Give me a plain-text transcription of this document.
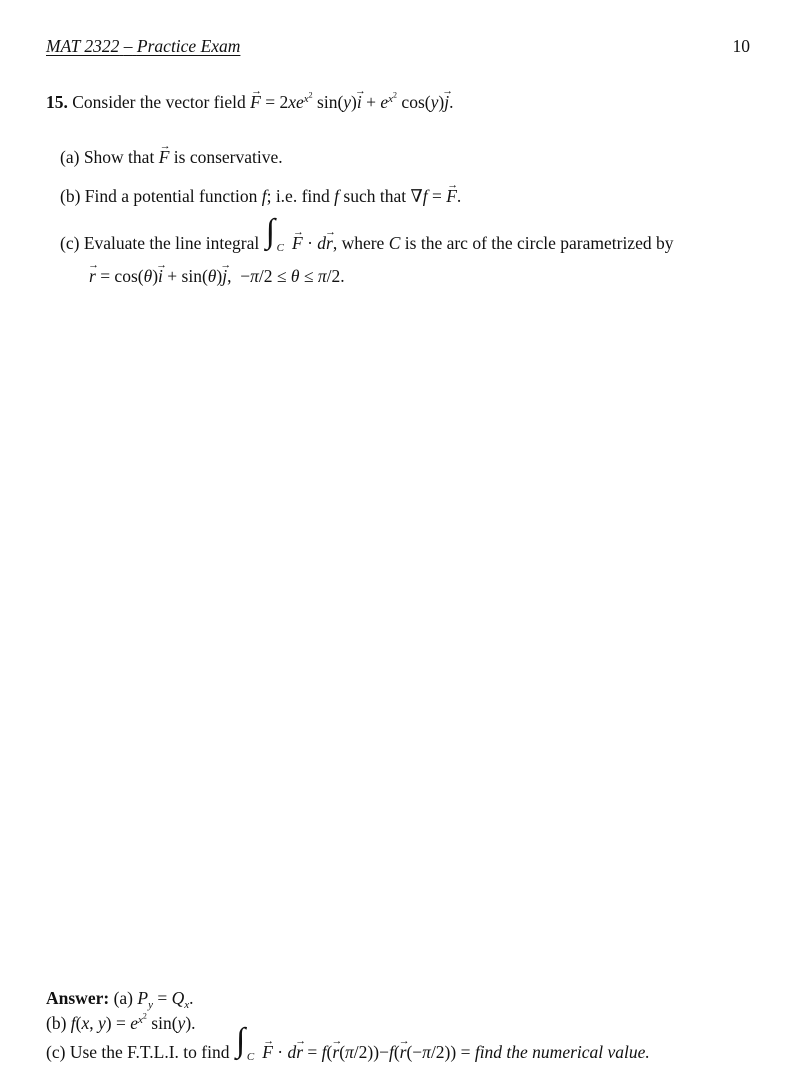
MAT 2322 – Practice Exam	10
15. Consider the vector field F → = $2xe^{x^2}$ sin(y)i → + $e^{x^2}$ cos(y)j →.
(a) Show that F → is conservative.
(b) Find a potential function f; i.e. find f such that ∇f = F →.
(c) Evaluate the line integral ∫ C F → · dr →, where C is the arc of the circle parametrized by
r → = cos(θ)i → + sin(θ)j →,  −π/2 ≤ θ ≤ π/2.
Answer: (a) $P_y = Q_x$.
(b) f(x, $y) = e^{x^2}$ sin(y).
(c) Use the F.T.L.I. to find ∫ C F → · dr → = f(r →(π/2))−f(r →(−π/2)) = find the numerical value.
